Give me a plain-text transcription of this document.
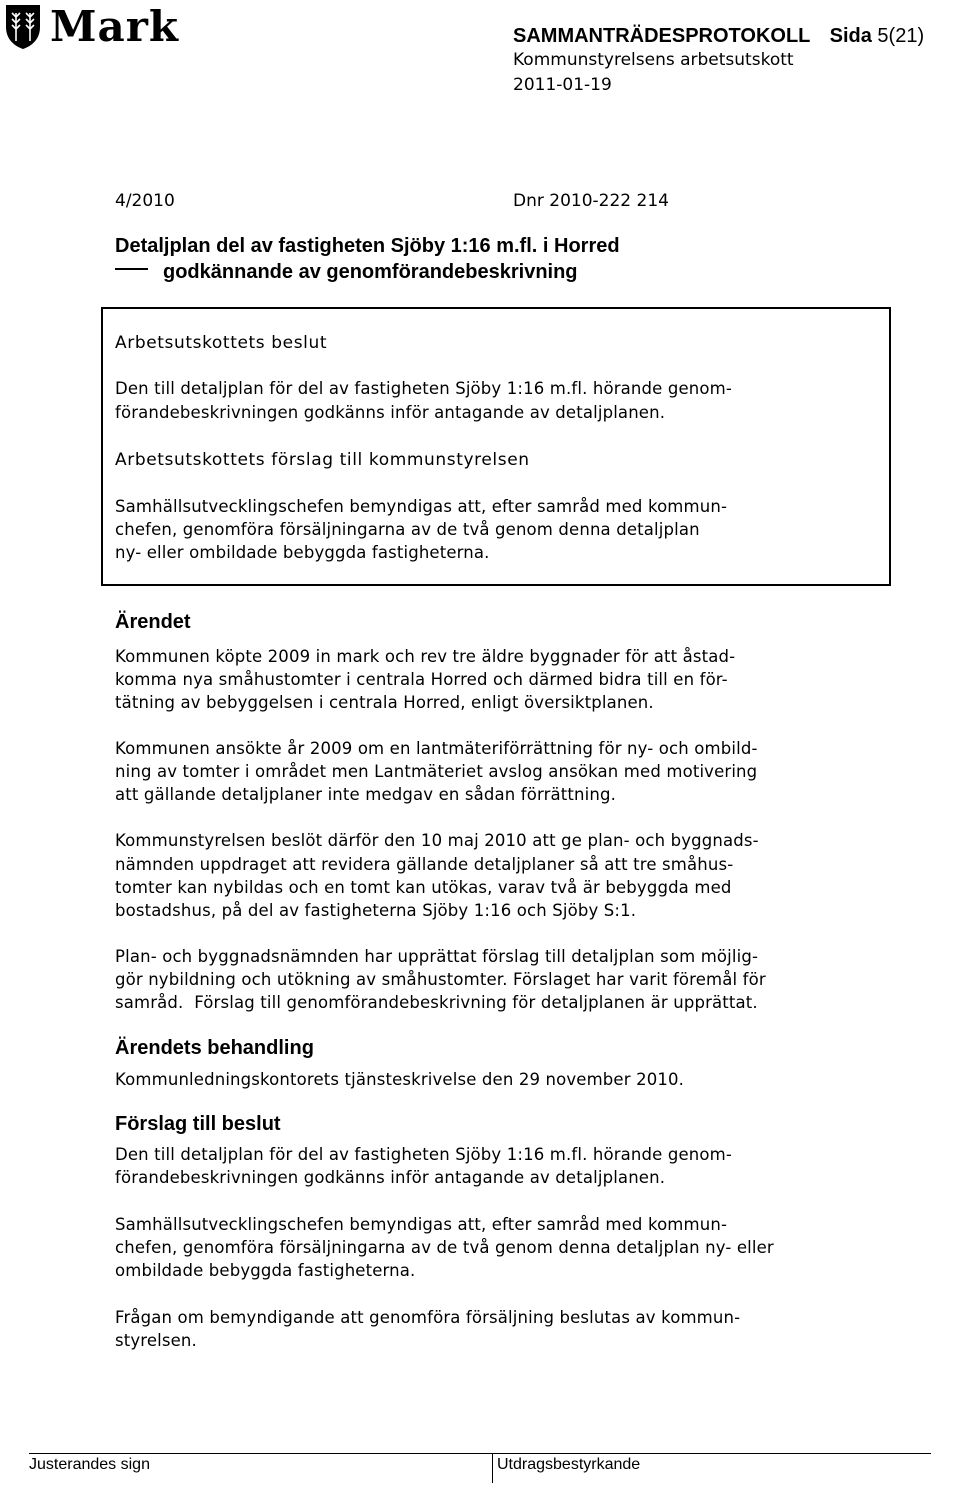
Mark	SAMMANTRÄDESPROTOKOLL Sida 5(21)
Kommunstyrelsens arbetsutskott
2011-01-19
4/2010	Dnr 2010-222 214
Detaljplan del av fastigheten Sjöby 1:16 m.fl. i Horred
godkännande av genomförandebeskrivning
Arbetsutskottets beslut
Den till detaljplan för del av fastigheten Sjöby 1:16 m.fl. hörande genom-
förandebeskrivningen godkänns inför antagande av detaljplanen.
Arbetsutskottets förslag till kommunstyrelsen
Samhällsutvecklingschefen bemyndigas att, efter samråd med kommun-
chefen, genomföra försäljningarna av de två genom denna detaljplan
ny- eller ombildade bebyggda fastigheterna.
Ärendet
Kommunen köpte 2009 in mark och rev tre äldre byggnader för att åstad-
komma nya småhustomter i centrala Horred och därmed bidra till en för-
tätning av bebyggelsen i centrala Horred, enligt översiktplanen.
Kommunen ansökte år 2009 om en lantmäteriförrättning för ny- och ombild-
ning av tomter i området men Lantmäteriet avslog ansökan med motivering
att gällande detaljplaner inte medgav en sådan förrättning.
Kommunstyrelsen beslöt därför den 10 maj 2010 att ge plan- och byggnads-
nämnden uppdraget att revidera gällande detaljplaner så att tre småhus-
tomter kan nybildas och en tomt kan utökas, varav två är bebyggda med
bostadshus, på del av fastigheterna Sjöby 1:16 och Sjöby S:1.
Plan- och byggnadsnämnden har upprättat förslag till detaljplan som möjlig-
gör nybildning och utökning av småhustomter. Förslaget har varit föremål för
samråd.  Förslag till genomförandebeskrivning för detaljplanen är upprättat.
Ärendets behandling
Kommunledningskontorets tjänsteskrivelse den 29 november 2010.
Förslag till beslut
Den till detaljplan för del av fastigheten Sjöby 1:16 m.fl. hörande genom-
förandebeskrivningen godkänns inför antagande av detaljplanen.
Samhällsutvecklingschefen bemyndigas att, efter samråd med kommun-
chefen, genomföra försäljningarna av de två genom denna detaljplan ny- eller
ombildade bebyggda fastigheterna.
Frågan om bemyndigande att genomföra försäljning beslutas av kommun-
styrelsen.
Justerandes sign	Utdragsbestyrkande
